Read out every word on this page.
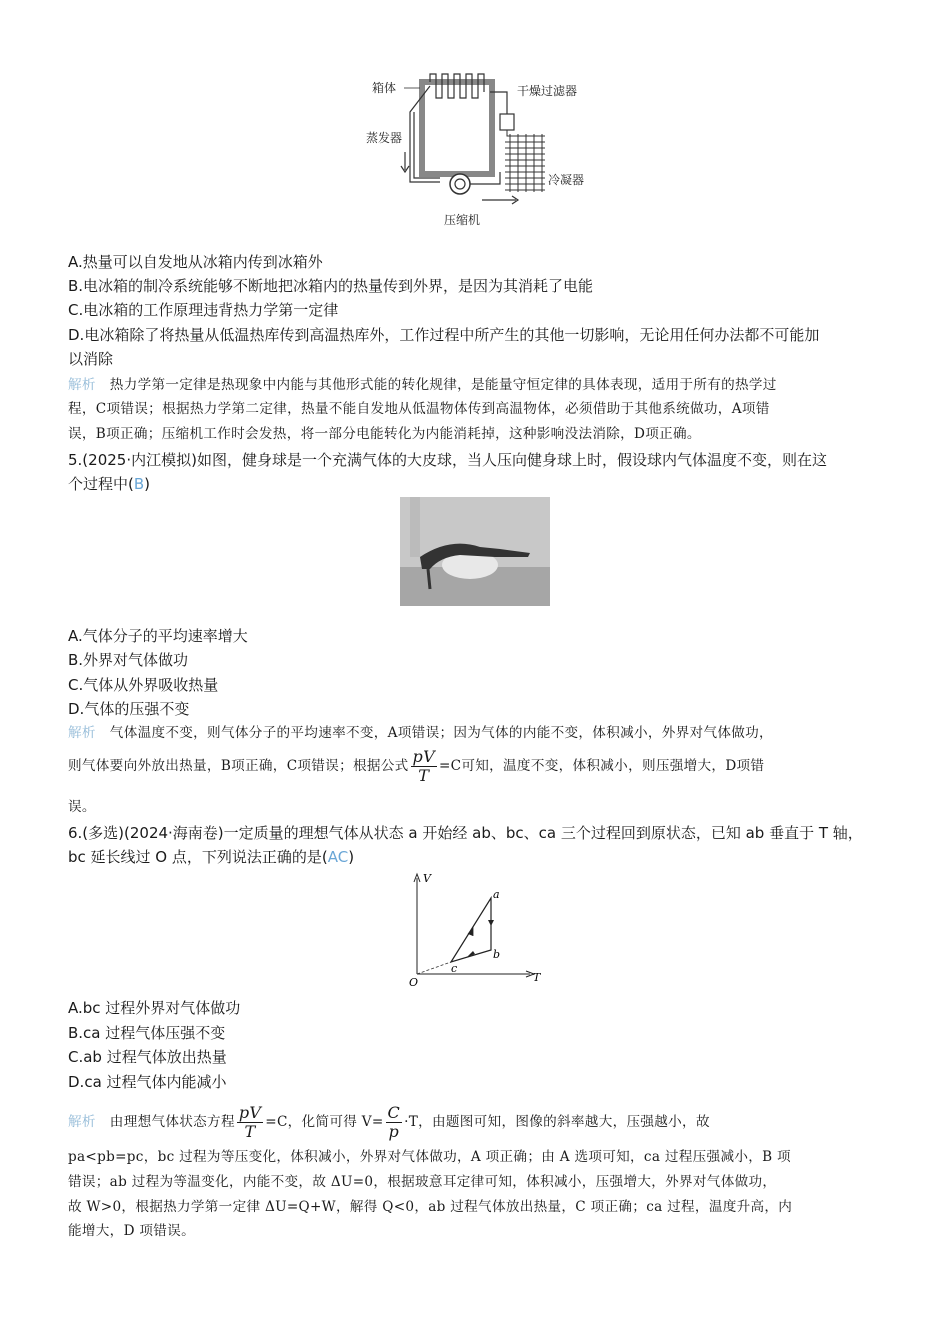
箱体	干燥过滤器
蒸发器
冷凝器
压缩机
A.热量可以自发地从冰箱内传到冰箱外
B.电冰箱的制冷系统能够不断地把冰箱内的热量传到外界，是因为其消耗了电能
C.电冰箱的工作原理违背热力学第一定律
D.电冰箱除了将热量从低温热库传到高温热库外，工作过程中所产生的其他一切影响，无论用任何办法都不可能加
以消除
解析 热力学第一定律是热现象中内能与其他形式能的转化规律，是能量守恒定律的具体表现，适用于所有的热学过
程，C项错误；根据热力学第二定律，热量不能自发地从低温物体传到高温物体，必须借助于其他系统做功，A项错
误，B项正确；压缩机工作时会发热，将一部分电能转化为内能消耗掉，这种影响没法消除，D项正确。
5.(2025·内江模拟)如图，健身球是一个充满气体的大皮球，当人压向健身球上时，假设球内气体温度不变，则在这
个过程中(B)
A.气体分子的平均速率增大
B.外界对气体做功
C.气体从外界吸收热量
D.气体的压强不变
解析 气体温度不变，则气体分子的平均速率不变，A项错误；因为气体的内能不变，体积减小，外界对气体做功，
则气体要向外放出热量，B项正确，C项错误；根据公式 $\frac{pV}{T} =C$可知，温度不变，体积减小，则压强增大，D项错
误。
6.(多选)(2024·海南卷)一定质量的理想气体从状态 a 开始经 ab、bc、ca 三个过程回到原状态，已知 ab 垂直于 T 轴，
bc 延长线过 O 点，下列说法正确的是(AC)
V
T
O
a
b
c
A.bc 过程外界对气体做功
B.ca 过程气体压强不变
C.ab 过程气体放出热量
D.ca 过程气体内能减小
解析 由理想气体状态方程 $\frac{pV}{T} =C$，化简可得 $V= \frac{C}{p} \cdot T$，由题图可知，图像的斜率越大，压强越小，故
pa<pb=pc，bc 过程为等压变化，体积减小，外界对气体做功，A 项正确；由 A 选项可知，ca 过程压强减小，B 项
错误；ab 过程为等温变化，内能不变，故 ΔU=0，根据玻意耳定律可知，体积减小，压强增大，外界对气体做功，
故 W>0，根据热力学第一定律 ΔU=Q+W，解得 Q<0，ab 过程气体放出热量，C 项正确；ca 过程，温度升高，内
能增大，D 项错误。
